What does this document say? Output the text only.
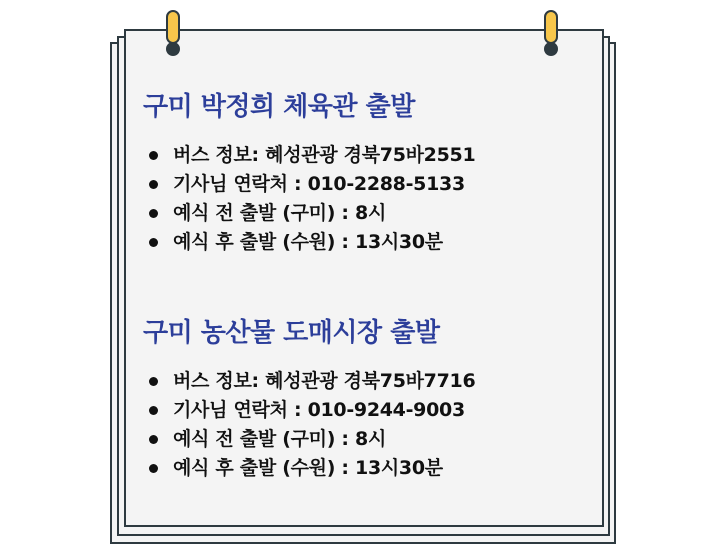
구미 박정희 체육관 출발
버스 정보: 혜성관광 경북75바2551
기사님 연락처 : 010-2288-5133
예식 전 출발 (구미) : 8시
예식 후 출발 (수원) : 13시30분
구미 농산물 도매시장 출발
버스 정보: 혜성관광 경북75바7716
기사님 연락처 : 010-9244-9003
예식 전 출발 (구미) : 8시
예식 후 출발 (수원) : 13시30분
